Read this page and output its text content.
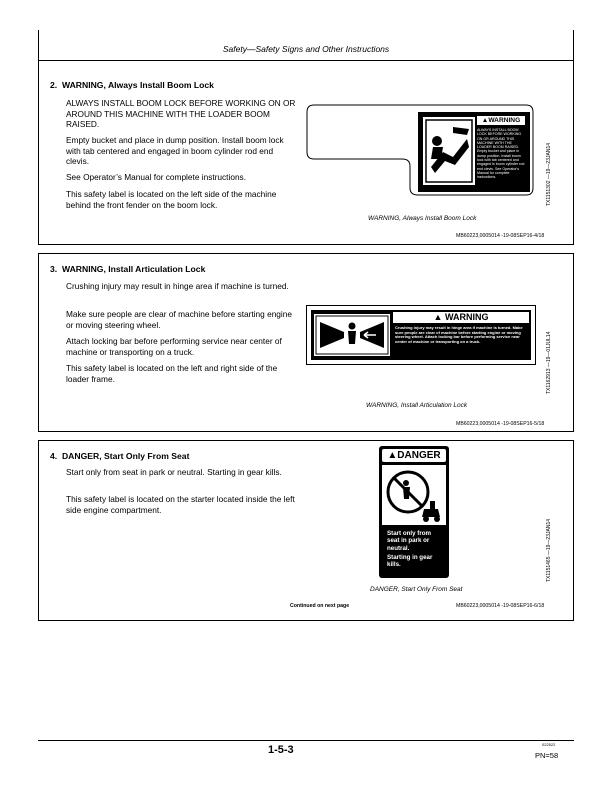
Safety—Safety Signs and Other Instructions
2. WARNING, Always Install Boom Lock
ALWAYS INSTALL BOOM LOCK BEFORE WORKING ON OR AROUND THIS MACHINE WITH THE LOADER BOOM RAISED.
Empty bucket and place in dump position. Install boom lock with tab centered and engaged in boom cylinder rod end clevis.
See Operator’s Manual for complete instructions.
This safety label is located on the left side of the machine behind the front fender on the boom lock.
▲WARNING
ALWAYS INSTALL BOOM LOCK BEFORE WORKING ON OR AROUND THIS MACHINE WITH THE LOADER BOOM RAISED. Empty bucket and place in dump position. Install boom lock with tab centered and engaged in boom cylinder rod end clevis. See Operator's Manual for complete instructions.	TX1151302 —19—23JAN14
WARNING, Always Install Boom Lock
MB60223,0005014 -19-08SEP16-4/18
3. WARNING, Install Articulation Lock
Crushing injury may result in hinge area if machine is turned.
Make sure people are clear of machine before starting engine or moving steering wheel.
Attach locking bar before performing service near center of machine or transporting on a truck.
This safety label is located on the left and right side of the loader frame.
▲ WARNING
Crushing injury may result in hinge area if machine is turned. Make sure people are clear of machine before starting engine or moving steering wheel. Attach locking bar before performing service near center of machine or transporting on a truck.	TX1162913 —19—01JUL14
WARNING, Install Articulation Lock
MB60223,0005014 -19-08SEP16-5/18
4. DANGER, Start Only From Seat
Start only from seat in park or neutral. Starting in gear kills.
This safety label is located on the starter located inside the left side engine compartment.
▲DANGER
Start only from
seat in park or
neutral.
Starting in gear
kills.	TX1151465 —19—23JAN14
DANGER, Start Only From Seat
Continued on next page	MB60223,0005014 -19-08SEP16-6/18
1-5-3	022522
PN=58
